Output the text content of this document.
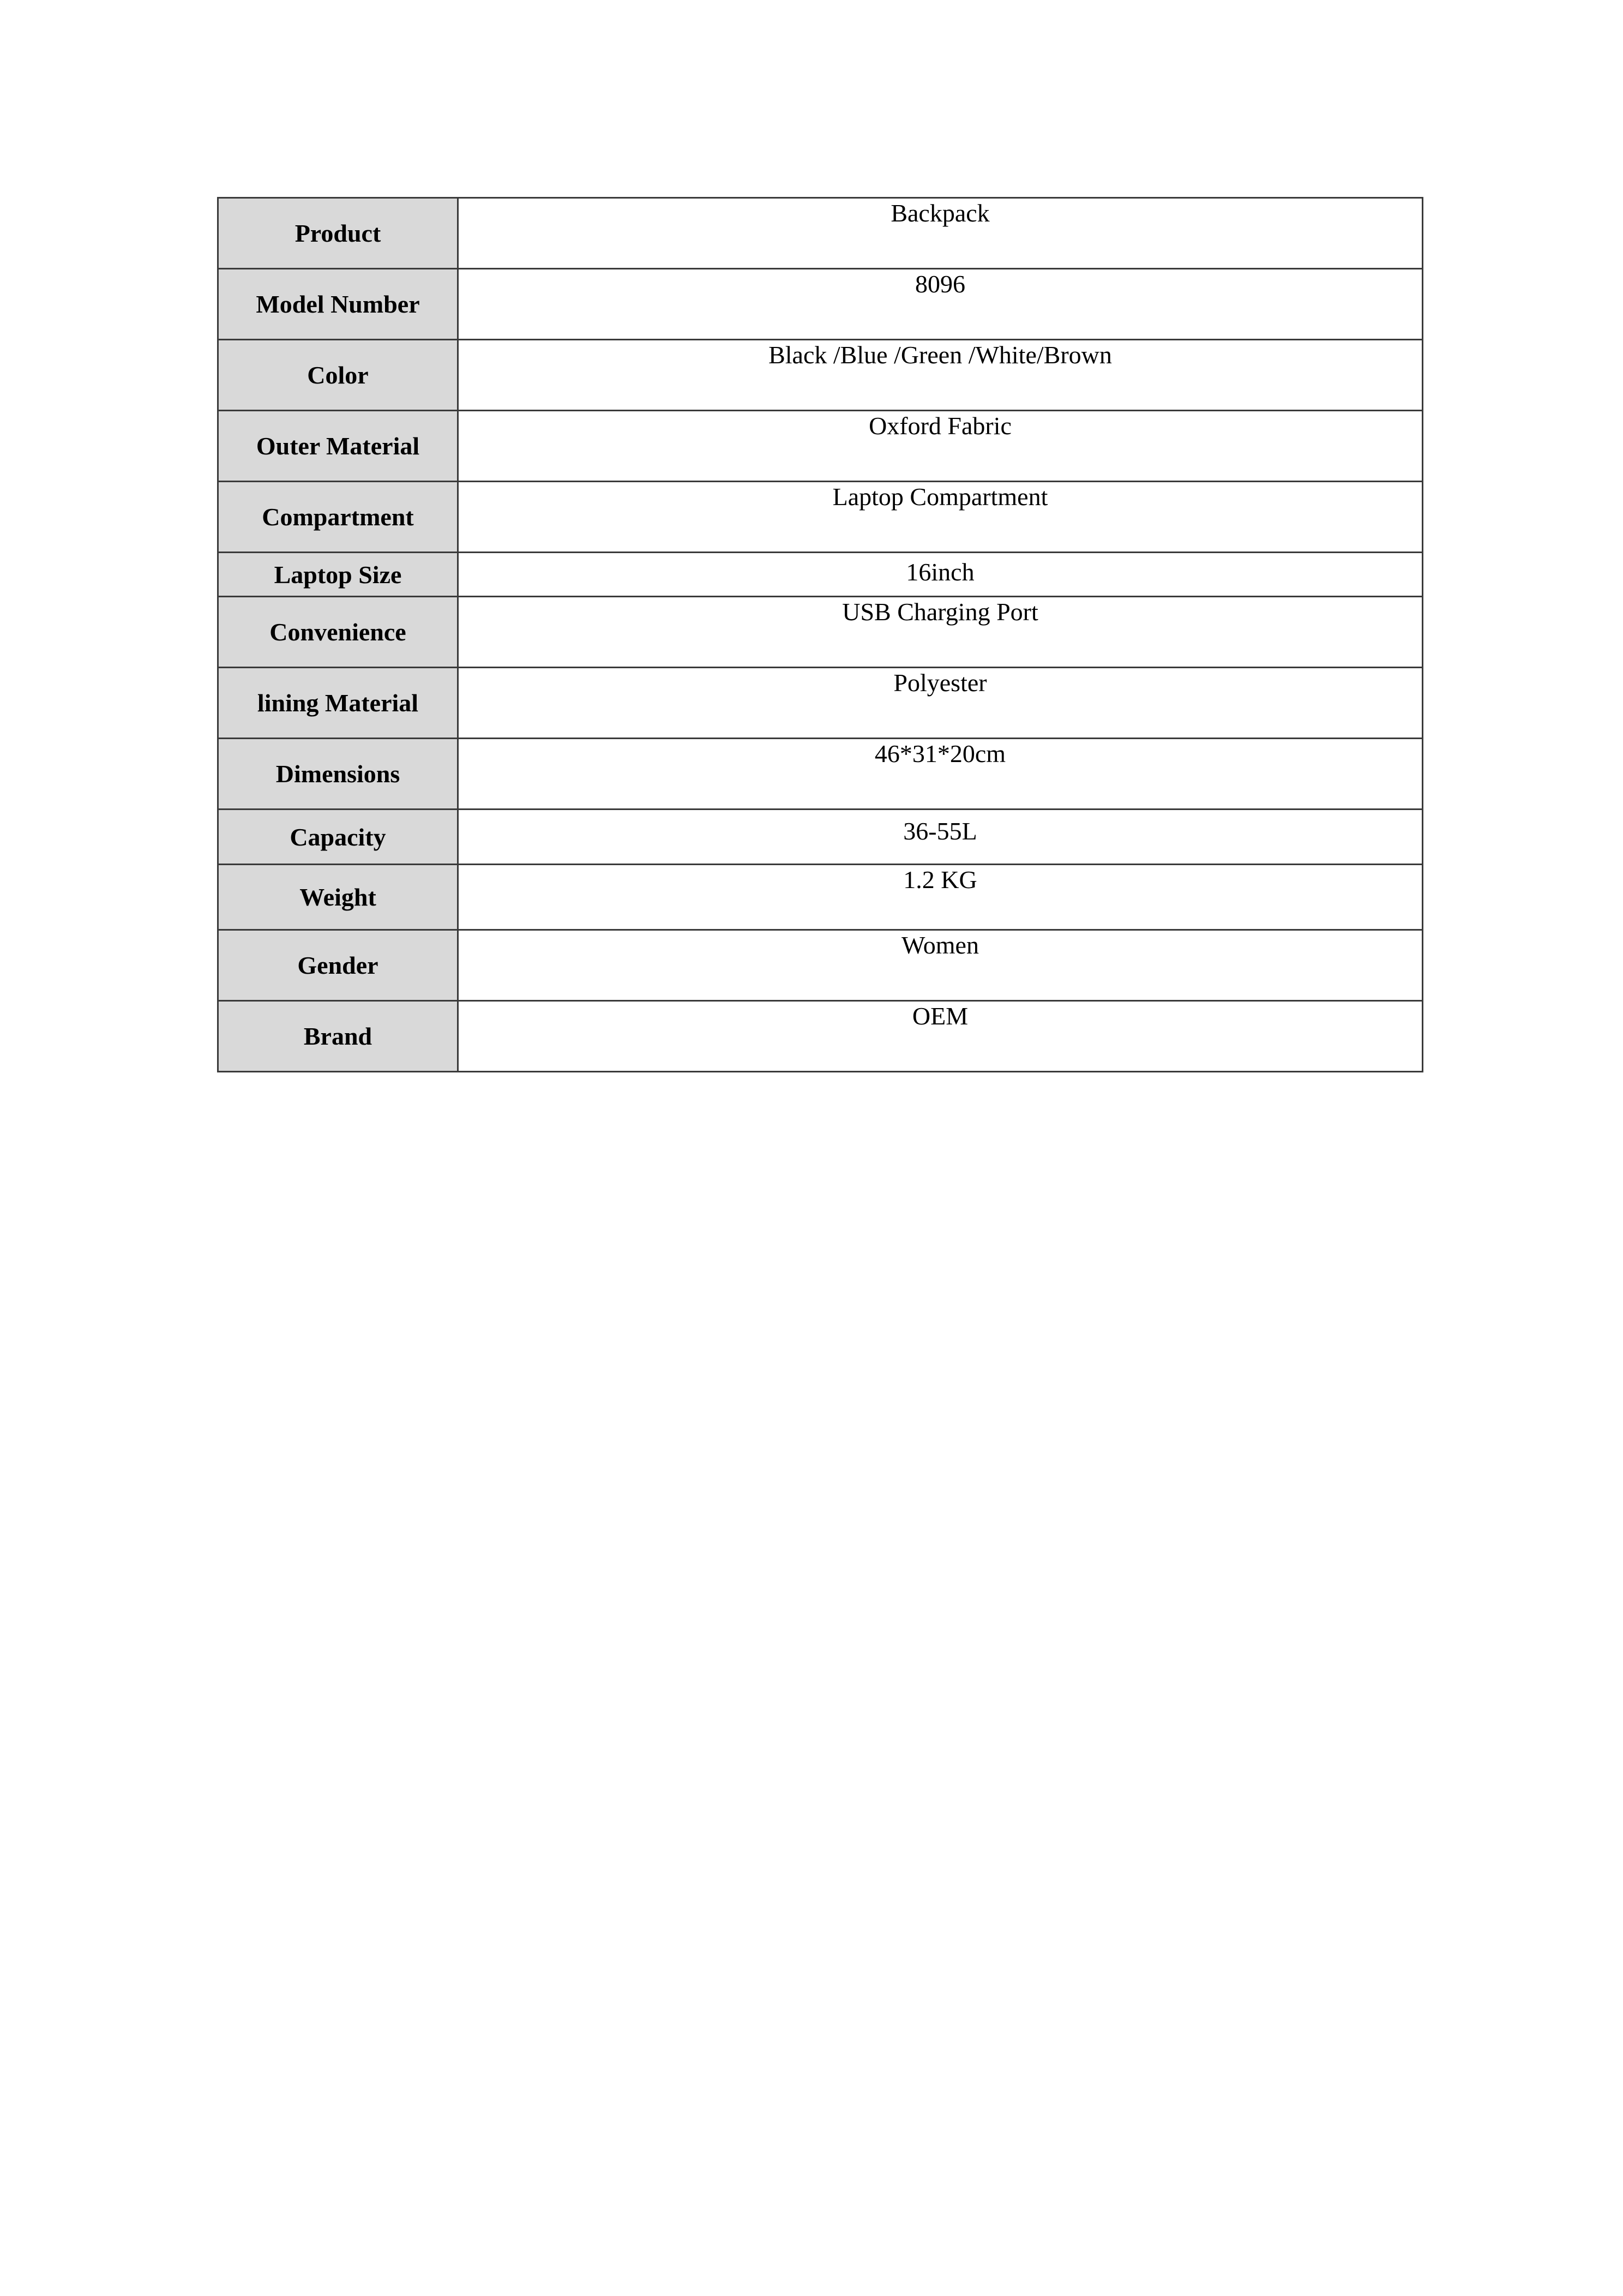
Product	Backpack
Model Number	8096
Color	Black /Blue /Green /White/Brown
Outer Material	Oxford Fabric
Compartment	Laptop Compartment
Laptop Size	16inch
Convenience	USB Charging Port
lining Material	Polyester
Dimensions	46*31*20cm
Capacity	36-55L
Weight	1.2 KG
Gender	Women
Brand	OEM
